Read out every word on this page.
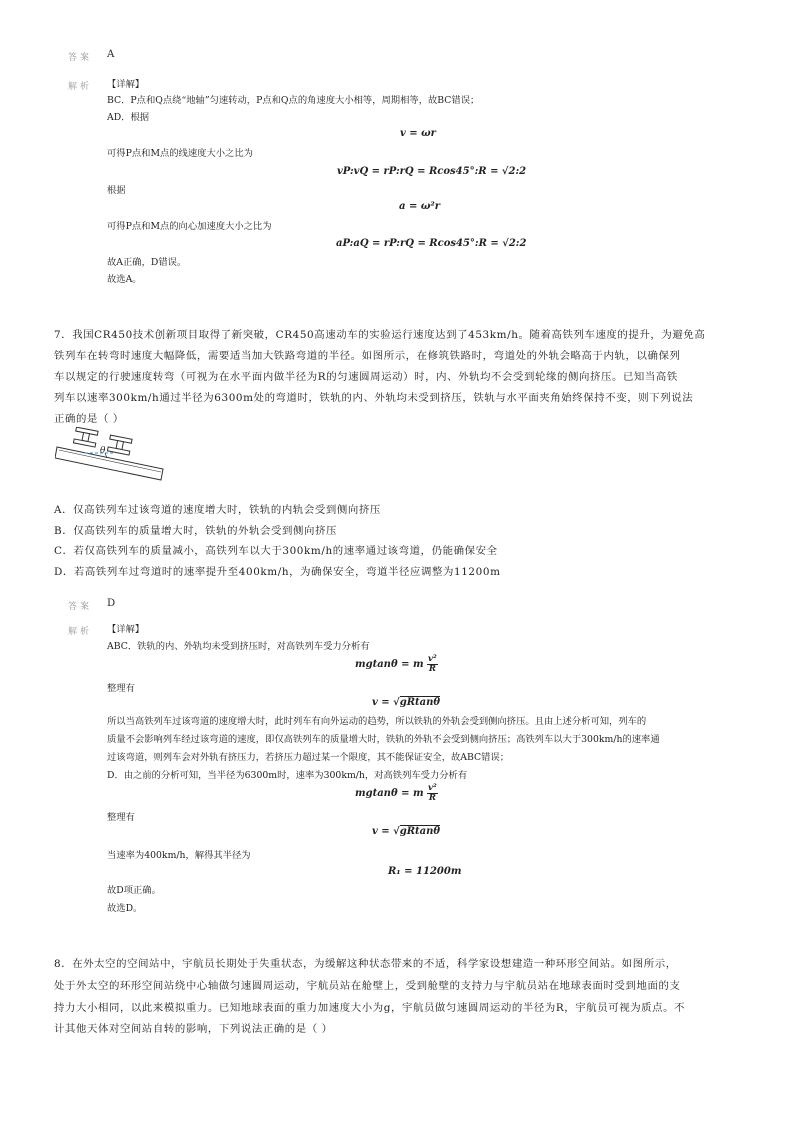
答案 A
解析 【详解】
BC．P点和Q点绕“地轴”匀速转动，P点和Q点的角速度大小相等，周期相等，故BC错误；
AD．根据
v = ωr
可得P点和M点的线速度大小之比为
vP:vQ = rP:rQ = Rcos45°:R = √2:2
根据
a = ω²r
可得P点和M点的向心加速度大小之比为
aP:aQ = rP:rQ = Rcos45°:R = √2:2
故A正确，D错误。
故选A。
7．我国CR450技术创新项目取得了新突破，CR450高速动车的实验运行速度达到了453km/h。随着高铁列车速度的提升，为避免高
铁列车在转弯时速度大幅降低，需要适当加大铁路弯道的半径。如图所示，在修筑铁路时，弯道处的外轨会略高于内轨，以确保列
车以规定的行驶速度转弯（可视为在水平面内做半径为R的匀速圆周运动）时，内、外轨均不会受到轮缘的侧向挤压。已知当高铁
列车以速率300km/h通过半径为6300m处的弯道时，铁轨的内、外轨均未受到挤压，铁轨与水平面夹角始终保持不变，则下列说法
正确的是（ ）
θ
A．仅高铁列车过该弯道的速度增大时，铁轨的内轨会受到侧向挤压
B．仅高铁列车的质量增大时，铁轨的外轨会受到侧向挤压
C．若仅高铁列车的质量减小，高铁列车以大于300km/h的速率通过该弯道，仍能确保安全
D．若高铁列车过弯道时的速率提升至400km/h，为确保安全，弯道半径应调整为11200m
答案 D
解析 【详解】
ABC．铁轨的内、外轨均未受到挤压时，对高铁列车受力分析有
mgtanθ = m $\frac{\text{v²}}{R}$
整理有
v = √gRtanθ
所以当高铁列车过该弯道的速度增大时，此时列车有向外运动的趋势，所以铁轨的外轨会受到侧向挤压。且由上述分析可知，列车的
质量不会影响列车经过该弯道的速度，即仅高铁列车的质量增大时，铁轨的外轨不会受到侧向挤压；高铁列车以大于300km/h的速率通
过该弯道，则列车会对外轨有挤压力，若挤压力超过某一个限度，其不能保证安全，故ABC错误；
D．由之前的分析可知，当半径为6300m时，速率为300km/h，对高铁列车受力分析有
mgtanθ = m $\frac{\text{v²}}{R}$
整理有
v = √gRtanθ
当速率为400km/h，解得其半径为
R₁ = 11200m
故D项正确。
故选D。
8．在外太空的空间站中，宇航员长期处于失重状态，为缓解这种状态带来的不适，科学家设想建造一种环形空间站。如图所示，
处于外太空的环形空间站绕中心轴做匀速圆周运动，宇航员站在舱壁上，受到舱壁的支持力与宇航员站在地球表面时受到地面的支
持力大小相同，以此来模拟重力。已知地球表面的重力加速度大小为g，宇航员做匀速圆周运动的半径为R，宇航员可视为质点。不
计其他天体对空间站自转的影响，下列说法正确的是（ ）
